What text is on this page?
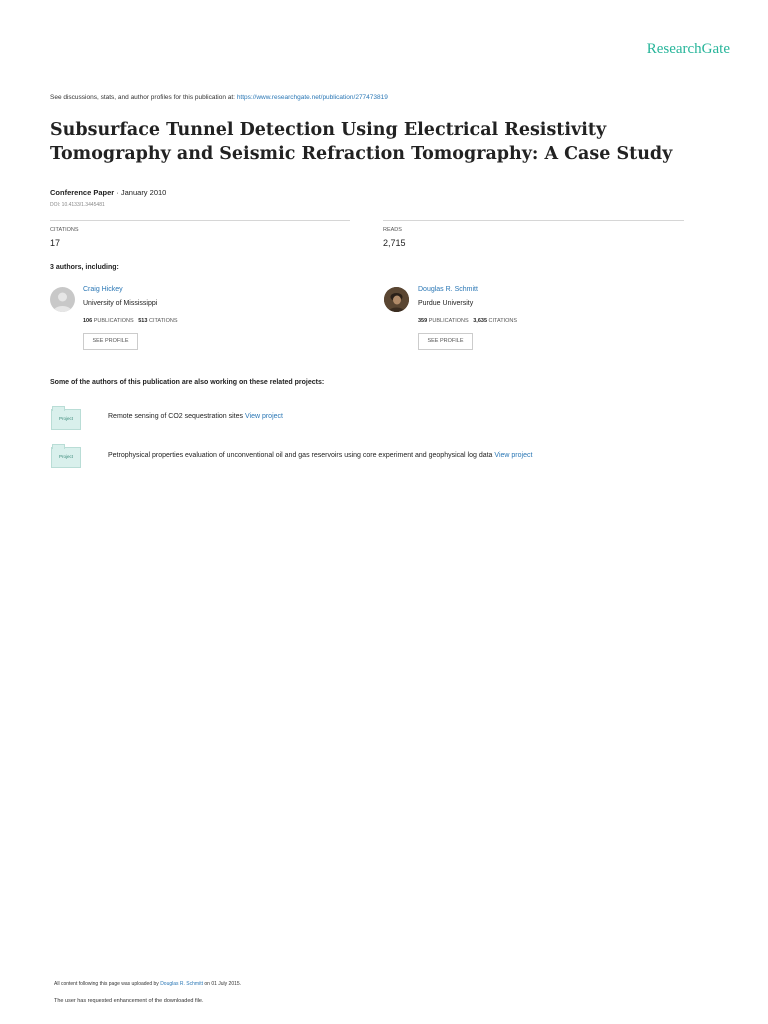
ResearchGate
See discussions, stats, and author profiles for this publication at: https://www.researchgate.net/publication/277473819
Subsurface Tunnel Detection Using Electrical Resistivity Tomography and Seismic Refraction Tomography: A Case Study
Conference Paper · January 2010
DOI: 10.4133/1.3445481
CITATIONS
17
READS
2,715
3 authors, including:
Craig Hickey
University of Mississippi
106 PUBLICATIONS 513 CITATIONS
SEE PROFILE
Douglas R. Schmitt
Purdue University
359 PUBLICATIONS 3,635 CITATIONS
SEE PROFILE
Some of the authors of this publication are also working on these related projects:
Project	Remote sensing of CO2 sequestration sites View project
Project	Petrophysical properties evaluation of unconventional oil and gas reservoirs using core experiment and geophysical log data View project
All content following this page was uploaded by Douglas R. Schmitt on 01 July 2015.
The user has requested enhancement of the downloaded file.
